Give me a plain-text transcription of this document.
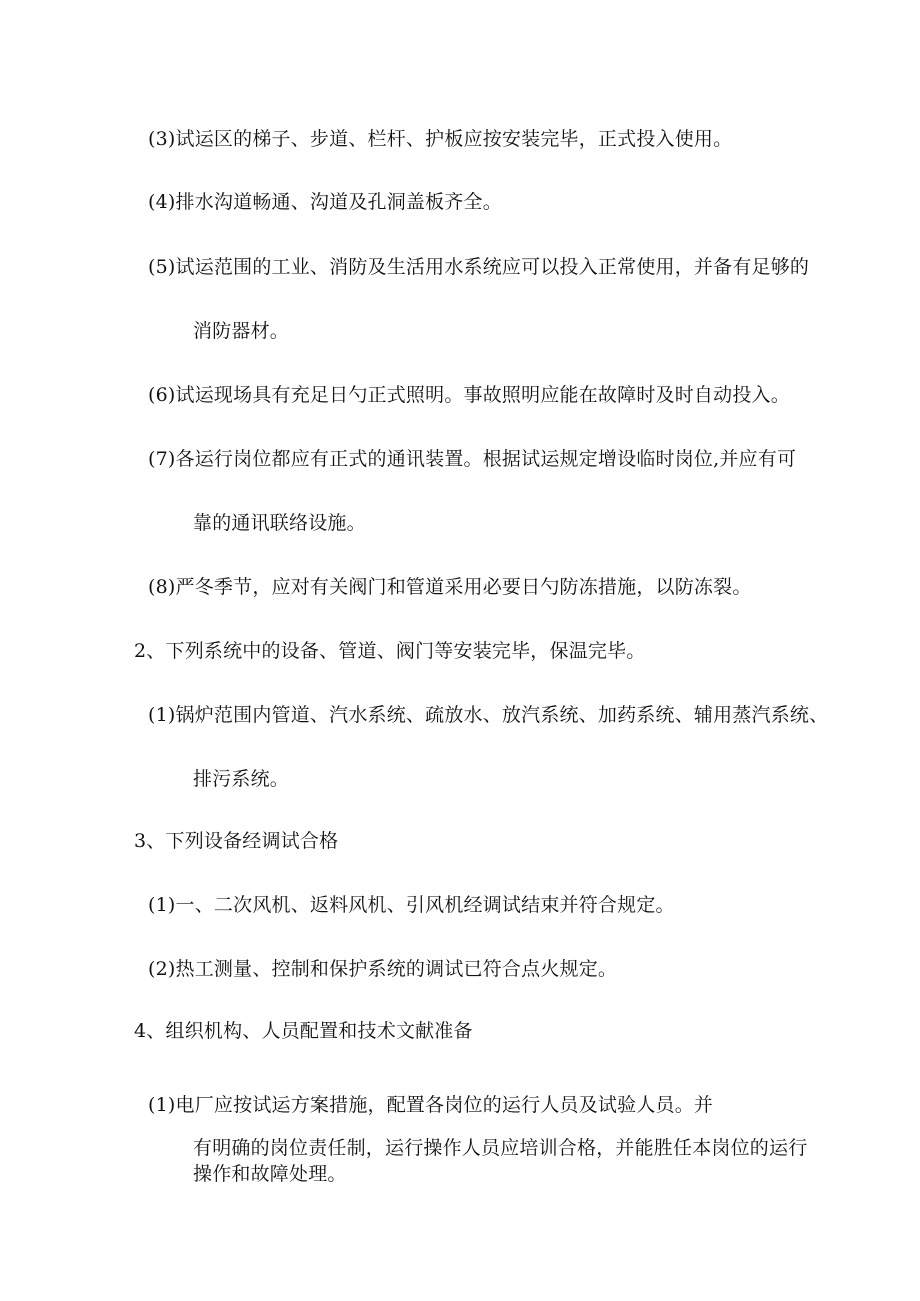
(3)试运区的梯子、步道、栏杆、护板应按安装完毕，正式投入使用。
(4)排水沟道畅通、沟道及孔洞盖板齐全。
(5)试运范围的工业、消防及生活用水系统应可以投入正常使用，并备有足够的
消防器材。
(6)试运现场具有充足日勺正式照明。事故照明应能在故障时及时自动投入。
(7)各运行岗位都应有正式的通讯装置。根据试运规定增设临时岗位,并应有可
靠的通讯联络设施。
(8)严冬季节，应对有关阀门和管道采用必要日勺防冻措施，以防冻裂。
2、下列系统中的设备、管道、阀门等安装完毕，保温完毕。
(1)锅炉范围内管道、汽水系统、疏放水、放汽系统、加药系统、辅用蒸汽系统、
排污系统。
3、下列设备经调试合格
(1)一、二次风机、返料风机、引风机经调试结束并符合规定。
(2)热工测量、控制和保护系统的调试已符合点火规定。
4、组织机构、人员配置和技术文献准备
(1)电厂应按试运方案措施，配置各岗位的运行人员及试验人员。并
有明确的岗位责任制，运行操作人员应培训合格，并能胜任本岗位的运行
操作和故障处理。
